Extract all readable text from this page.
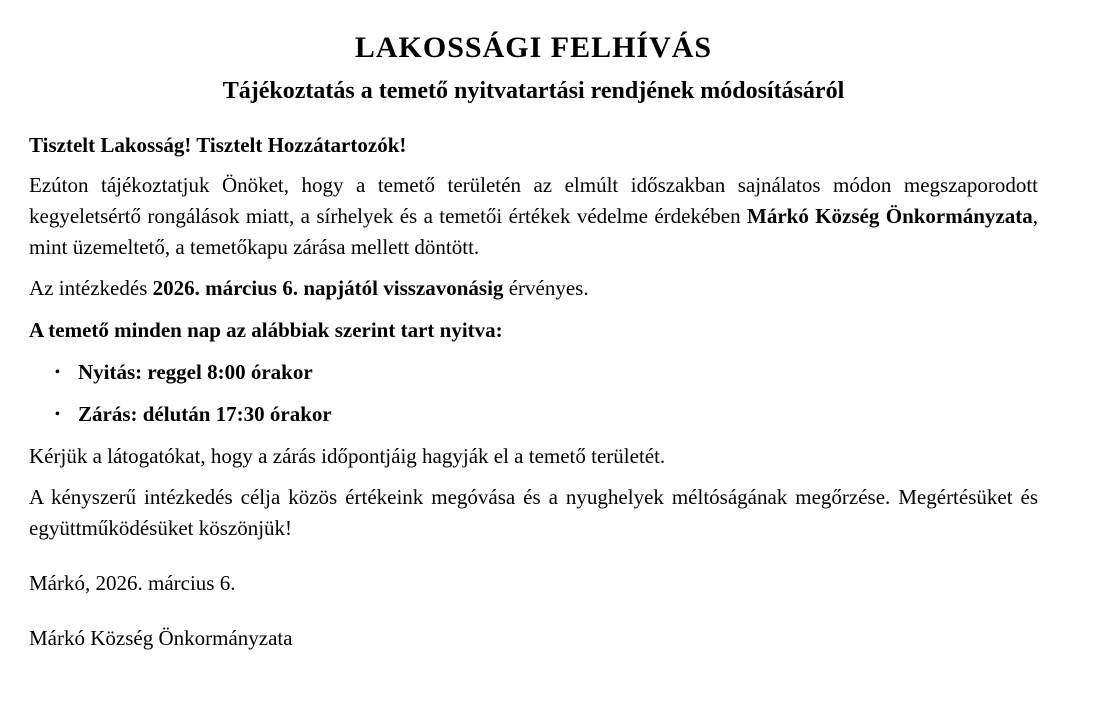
LAKOSSÁGI FELHÍVÁS
Tájékoztatás a temető nyitvatartási rendjének módosításáról

Tisztelt Lakosság! Tisztelt Hozzátartozók!

Ezúton tájékoztatjuk Önöket, hogy a temető területén az elmúlt időszakban sajnálatos módon megszaporodott kegyeletsértő rongálások miatt, a sírhelyek és a temetői értékek védelme érdekében Márkó Község Önkormányzata, mint üzemeltető, a temetőkapu zárása mellett döntött.

Az intézkedés 2026. március 6. napjától visszavonásig érvényes.

A temető minden nap az alábbiak szerint tart nyitva:

• Nyitás: reggel 8:00 órakor
• Zárás: délután 17:30 órakor

Kérjük a látogatókat, hogy a zárás időpontjáig hagyják el a temető területét.

A kényszerű intézkedés célja közös értékeink megóvása és a nyughelyek méltóságának megőrzése. Megértésüket és együttműködésüket köszönjük!

Márkó, 2026. március 6.

Márkó Község Önkormányzata
